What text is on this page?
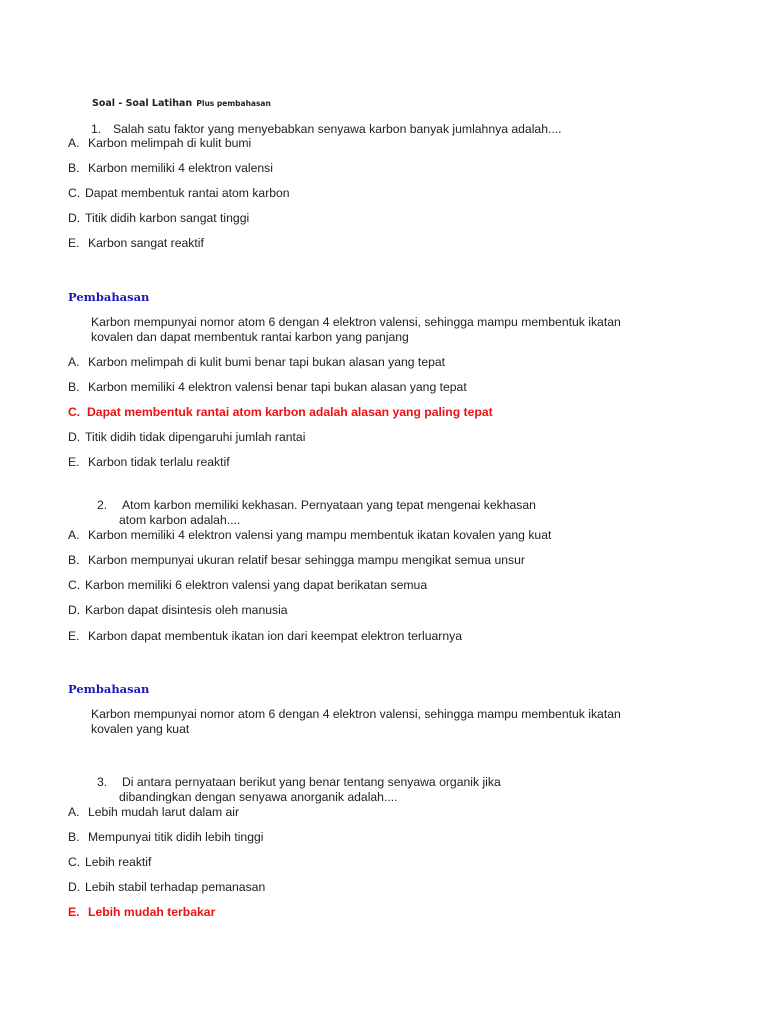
Soal - Soal Latihan Plus pembahasan
1. Salah satu faktor yang menyebabkan senyawa karbon banyak jumlahnya adalah....
A. Karbon melimpah di kulit bumi
B. Karbon memiliki 4 elektron valensi
C. Dapat membentuk rantai atom karbon
D. Titik didih karbon sangat tinggi
E. Karbon sangat reaktif
Pembahasan
Karbon mempunyai nomor atom 6 dengan 4 elektron valensi, sehingga mampu membentuk ikatan
kovalen dan dapat membentuk rantai karbon yang panjang
A. Karbon melimpah di kulit bumi benar tapi bukan alasan yang tepat
B. Karbon memiliki 4 elektron valensi benar tapi bukan alasan yang tepat
C. Dapat membentuk rantai atom karbon adalah alasan yang paling tepat
D. Titik didih tidak dipengaruhi jumlah rantai
E. Karbon tidak terlalu reaktif
2. Atom karbon memiliki kekhasan. Pernyataan yang tepat mengenai kekhasan
atom karbon adalah....
A. Karbon memiliki 4 elektron valensi yang mampu membentuk ikatan kovalen yang kuat
B. Karbon mempunyai ukuran relatif besar sehingga mampu mengikat semua unsur
C. Karbon memiliki 6 elektron valensi yang dapat berikatan semua
D. Karbon dapat disintesis oleh manusia
E. Karbon dapat membentuk ikatan ion dari keempat elektron terluarnya
Pembahasan
Karbon mempunyai nomor atom 6 dengan 4 elektron valensi, sehingga mampu membentuk ikatan
kovalen yang kuat
3. Di antara pernyataan berikut yang benar tentang senyawa organik jika
dibandingkan dengan senyawa anorganik adalah....
A. Lebih mudah larut dalam air
B. Mempunyai titik didih lebih tinggi
C. Lebih reaktif
D. Lebih stabil terhadap pemanasan
E. Lebih mudah terbakar
